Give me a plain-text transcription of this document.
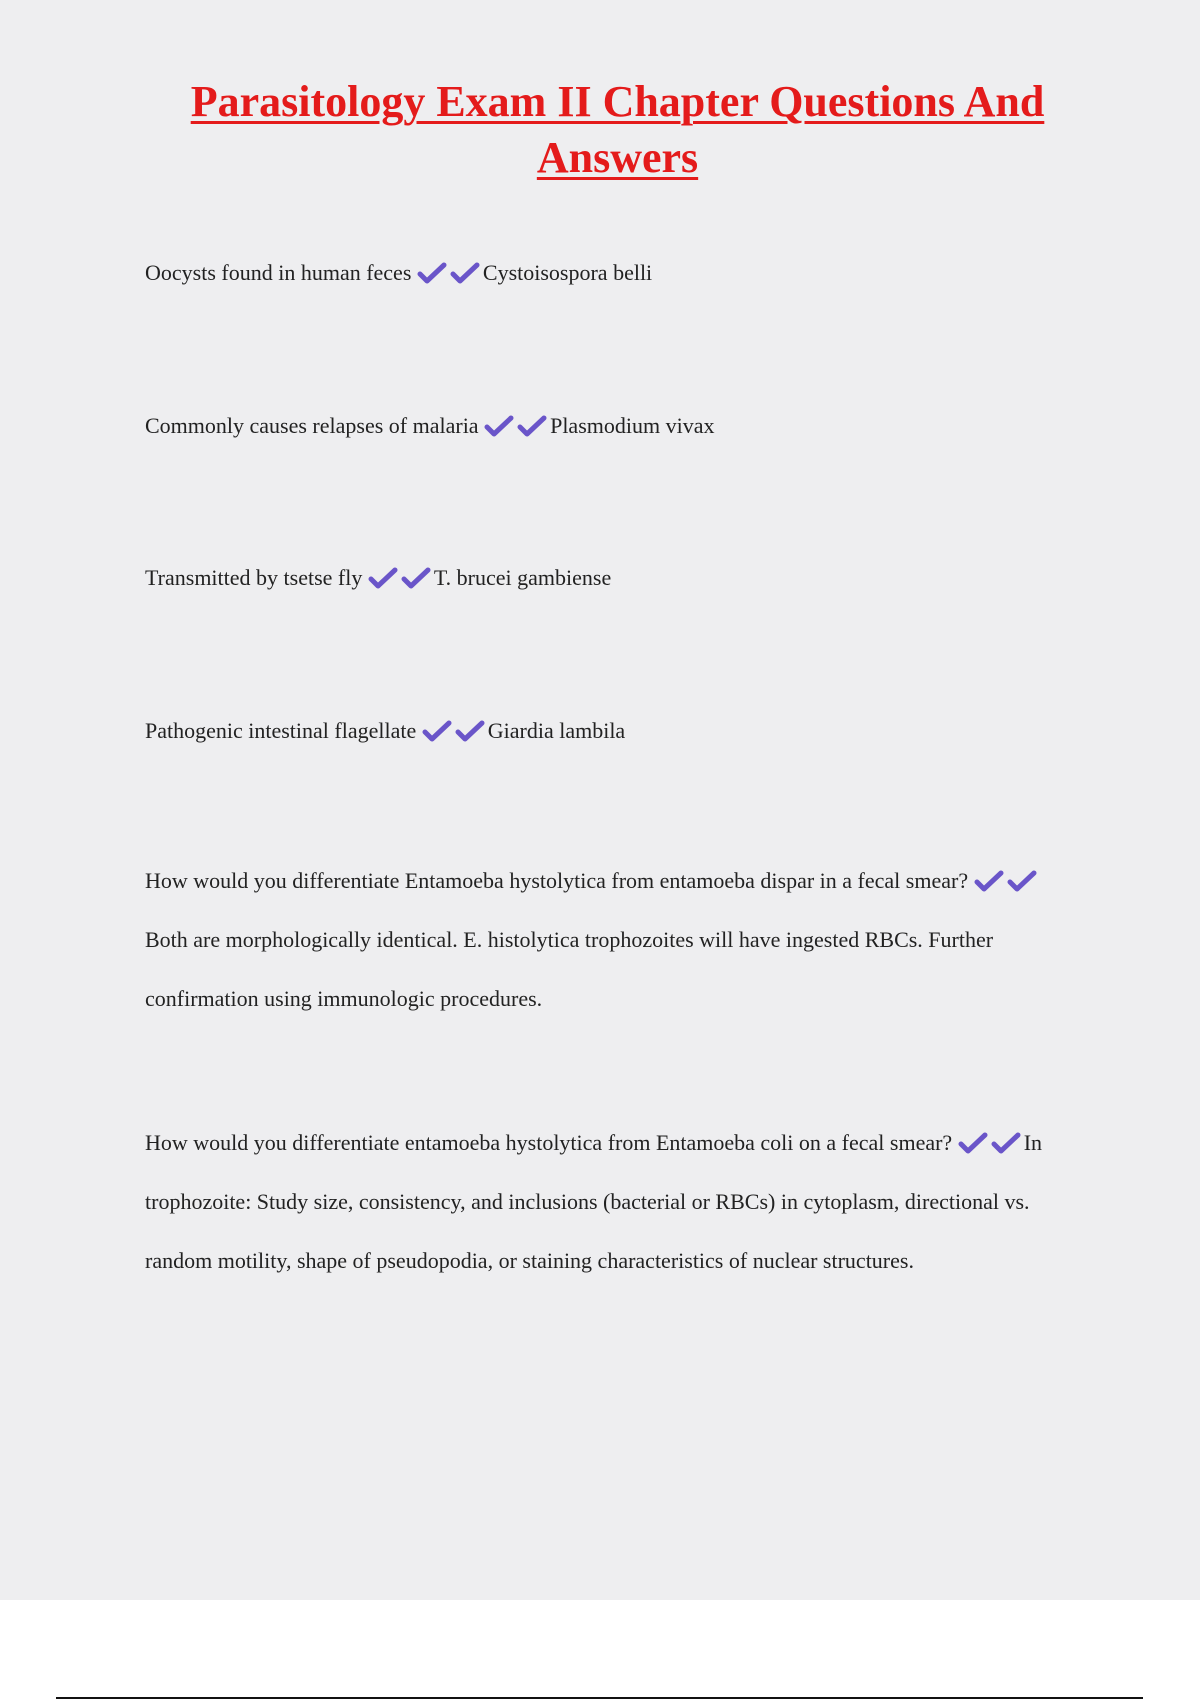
Parasitology Exam II Chapter Questions And Answers

Oocysts found in human feces	Cystoisospora belli

Commonly causes relapses of malaria	Plasmodium vivax

Transmitted by tsetse fly	T. brucei gambiense

Pathogenic intestinal flagellate	Giardia lambila

How would you differentiate Entamoeba hystolytica from entamoeba dispar in a fecal smear?
Both are morphologically identical. E. histolytica trophozoites will have ingested RBCs. Further confirmation using immunologic procedures.

How would you differentiate entamoeba hystolytica from Entamoeba coli on a fecal smear?	In trophozoite: Study size, consistency, and inclusions (bacterial or RBCs) in cytoplasm, directional vs. random motility, shape of pseudopodia, or staining characteristics of nuclear structures.
